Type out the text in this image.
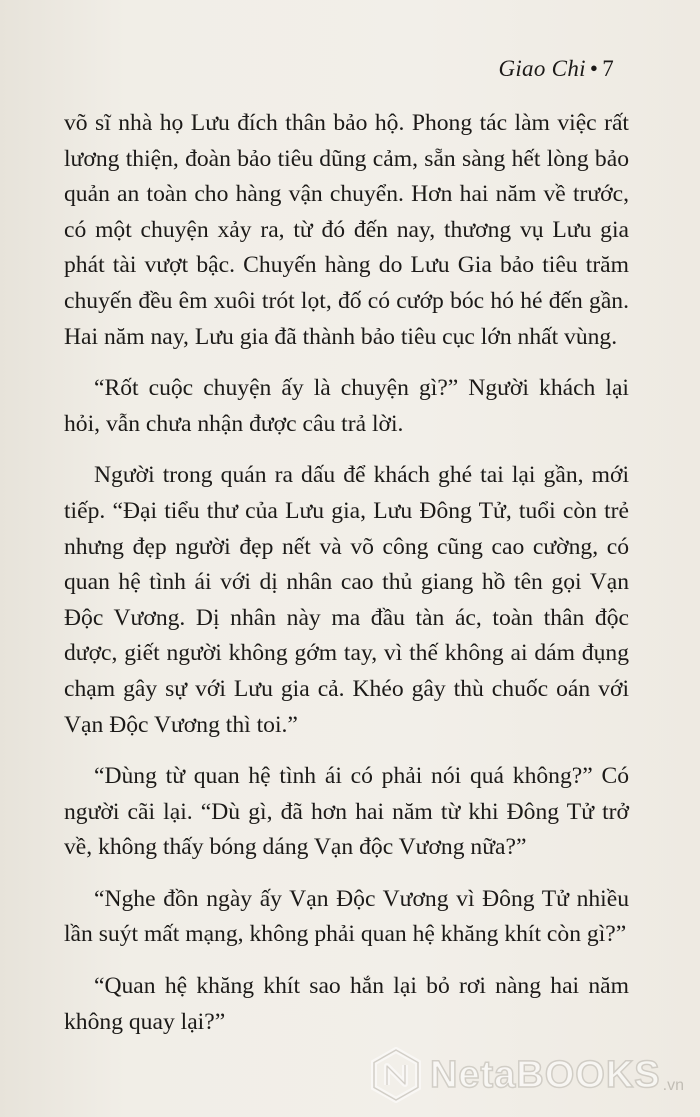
Giao Chi • 7

võ sĩ nhà họ Lưu đích thân bảo hộ. Phong tác làm việc rất lương thiện, đoàn bảo tiêu dũng cảm, sẵn sàng hết lòng bảo quản an toàn cho hàng vận chuyển. Hơn hai năm về trước, có một chuyện xảy ra, từ đó đến nay, thương vụ Lưu gia phát tài vượt bậc. Chuyến hàng do Lưu Gia bảo tiêu trăm chuyến đều êm xuôi trót lọt, đố có cướp bóc hó hé đến gần. Hai năm nay, Lưu gia đã thành bảo tiêu cục lớn nhất vùng.

“Rốt cuộc chuyện ấy là chuyện gì?” Người khách lại hỏi, vẫn chưa nhận được câu trả lời.

Người trong quán ra dấu để khách ghé tai lại gần, mới tiếp. “Đại tiểu thư của Lưu gia, Lưu Đông Tử, tuổi còn trẻ nhưng đẹp người đẹp nết và võ công cũng cao cường, có quan hệ tình ái với dị nhân cao thủ giang hồ tên gọi Vạn Độc Vương. Dị nhân này ma đầu tàn ác, toàn thân độc dược, giết người không gớm tay, vì thế không ai dám đụng chạm gây sự với Lưu gia cả. Khéo gây thù chuốc oán với Vạn Độc Vương thì toi.”

“Dùng từ quan hệ tình ái có phải nói quá không?” Có người cãi lại. “Dù gì, đã hơn hai năm từ khi Đông Tử trở về, không thấy bóng dáng Vạn độc Vương nữa?”

“Nghe đồn ngày ấy Vạn Độc Vương vì Đông Tử nhiều lần suýt mất mạng, không phải quan hệ khăng khít còn gì?”

“Quan hệ khăng khít sao hắn lại bỏ rơi nàng hai năm không quay lại?”

NetaBOOKS .vn
